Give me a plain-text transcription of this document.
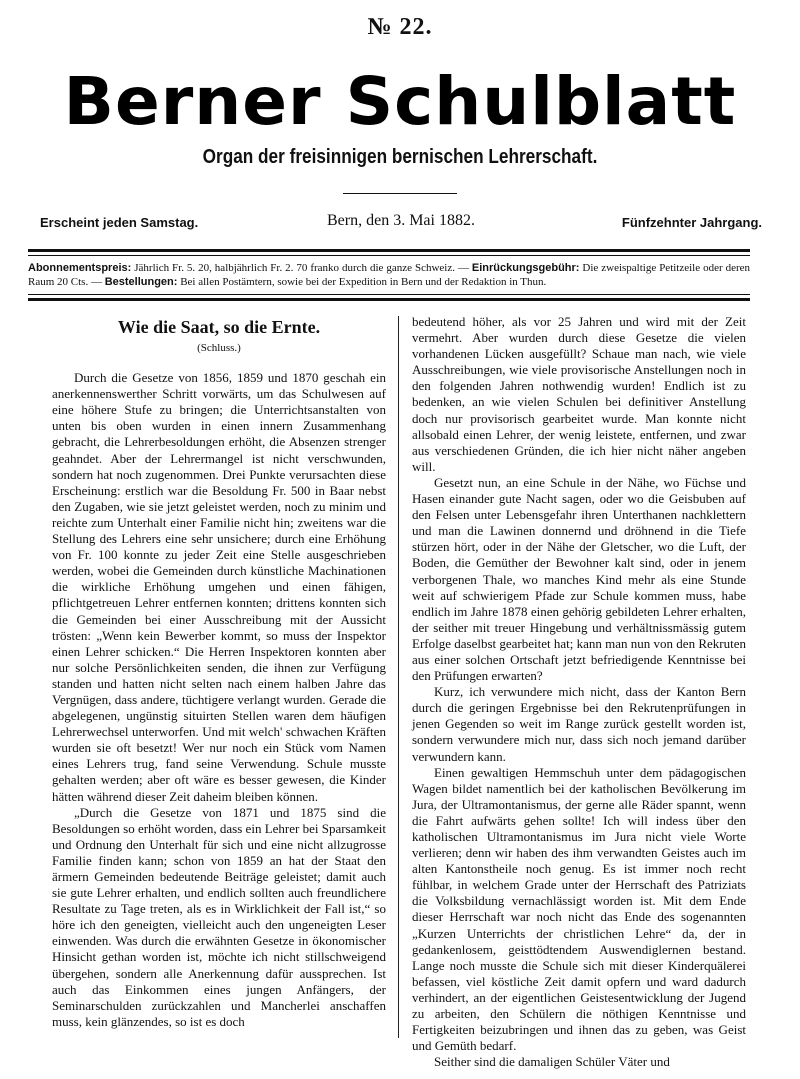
№ 22.
Berner Schulblatt
Organ der freisinnigen bernischen Lehrerschaft.
Erscheint jeden Samstag.	Bern, den 3. Mai 1882.	Fünfzehnter Jahrgang.
Abonnementspreis: Jährlich Fr. 5. 20, halbjährlich Fr. 2. 70 franko durch die ganze Schweiz. — Einrückungsgebühr: Die zweispaltige Petitzeile oder deren Raum 20 Cts. — Bestellungen: Bei allen Postämtern, sowie bei der Expedition in Bern und der Redaktion in Thun.
Wie die Saat, so die Ernte.
(Schluss.)

Durch die Gesetze von 1856, 1859 und 1870 geschah ein anerkennenswerther Schritt vorwärts, um das Schulwesen auf eine höhere Stufe zu bringen; die Unterrichtsanstalten von unten bis oben wurden in einen innern Zusammenhang gebracht, die Lehrerbesoldungen erhöht, die Absenzen strenger geahndet. Aber der Lehrermangel ist nicht verschwunden, sondern hat noch zugenommen. Drei Punkte verursachten diese Erscheinung: erstlich war die Besoldung Fr. 500 in Baar nebst den Zugaben, wie sie jetzt geleistet werden, noch zu minim und reichte zum Unterhalt einer Familie nicht hin; zweitens war die Stellung des Lehrers eine sehr unsichere; durch eine Erhöhung von Fr. 100 konnte zu jeder Zeit eine Stelle ausgeschrieben werden, wobei die Gemeinden durch künstliche Machinationen die wirkliche Erhöhung umgehen und einen fähigen, pflichtgetreuen Lehrer entfernen konnten; drittens konnten sich die Gemeinden bei einer Ausschreibung mit der Aussicht trösten: „Wenn kein Bewerber kommt, so muss der Inspektor einen Lehrer schicken.“ Die Herren Inspektoren konnten aber nur solche Persönlichkeiten senden, die ihnen zur Verfügung standen und hatten nicht selten nach einem halben Jahre das Vergnügen, dass andere, tüchtigere verlangt wurden. Gerade die abgelegenen, ungünstig situirten Stellen waren dem häufigen Lehrerwechsel unterworfen. Und mit welch' schwachen Kräften wurden sie oft besetzt! Wer nur noch ein Stück vom Namen eines Lehrers trug, fand seine Verwendung. Schule musste gehalten werden; aber oft wäre es besser gewesen, die Kinder hätten während dieser Zeit daheim bleiben können.

„Durch die Gesetze von 1871 und 1875 sind die Besoldungen so erhöht worden, dass ein Lehrer bei Sparsamkeit und Ordnung den Unterhalt für sich und eine nicht allzugrosse Familie finden kann; schon von 1859 an hat der Staat den ärmern Gemeinden bedeutende Beiträge geleistet; damit auch sie gute Lehrer erhalten, und endlich sollten auch freundlichere Resultate zu Tage treten, als es in Wirklichkeit der Fall ist,“ so höre ich den geneigten, vielleicht auch den ungeneigten Leser einwenden. Was durch die erwähnten Gesetze in ökonomischer Hinsicht gethan worden ist, möchte ich nicht stillschweigend übergehen, sondern alle Anerkennung dafür aussprechen. Ist auch das Einkommen eines jungen Anfängers, der Seminarschulden zurückzahlen und Mancherlei anschaffen muss, kein glänzendes, so ist es doch

bedeutend höher, als vor 25 Jahren und wird mit der Zeit vermehrt. Aber wurden durch diese Gesetze die vielen vorhandenen Lücken ausgefüllt? Schaue man nach, wie viele Ausschreibungen, wie viele provisorische Anstellungen noch in den folgenden Jahren nothwendig wurden! Endlich ist zu bedenken, an wie vielen Schulen bei definitiver Anstellung doch nur provisorisch gearbeitet wurde. Man konnte nicht allsobald einen Lehrer, der wenig leistete, entfernen, und zwar aus verschiedenen Gründen, die ich hier nicht näher angeben will.

Gesetzt nun, an eine Schule in der Nähe, wo Füchse und Hasen einander gute Nacht sagen, oder wo die Geisbuben auf den Felsen unter Lebensgefahr ihren Unterthanen nachklettern und man die Lawinen donnernd und dröhnend in die Tiefe stürzen hört, oder in der Nähe der Gletscher, wo die Luft, der Boden, die Gemüther der Bewohner kalt sind, oder in jenem verborgenen Thale, wo manches Kind mehr als eine Stunde weit auf schwierigem Pfade zur Schule kommen muss, habe endlich im Jahre 1878 einen gehörig gebildeten Lehrer erhalten, der seither mit treuer Hingebung und verhältnissmässig gutem Erfolge daselbst gearbeitet hat; kann man nun von den Rekruten aus einer solchen Ortschaft jetzt befriedigende Kenntnisse bei den Prüfungen erwarten?

Kurz, ich verwundere mich nicht, dass der Kanton Bern durch die geringen Ergebnisse bei den Rekrutenprüfungen in jenen Gegenden so weit im Range zurück gestellt worden ist, sondern verwundere mich nur, dass sich noch jemand darüber verwundern kann.

Einen gewaltigen Hemmschuh unter dem pädagogischen Wagen bildet namentlich bei der katholischen Bevölkerung im Jura, der Ultramontanismus, der gerne alle Räder spannt, wenn die Fahrt aufwärts gehen sollte! Ich will indess über den katholischen Ultramontanismus im Jura nicht viele Worte verlieren; denn wir haben des ihm verwandten Geistes auch im alten Kantonstheile noch genug. Es ist immer noch recht fühlbar, in welchem Grade unter der Herrschaft des Patriziats die Volksbildung vernachlässigt worden ist. Mit dem Ende dieser Herrschaft war noch nicht das Ende des sogenannten „Kurzen Unterrichts der christlichen Lehre“ da, der in gedankenlosem, geisttödtendem Auswendiglernen bestand. Lange noch musste die Schule sich mit dieser Kinderquälerei befassen, viel köstliche Zeit damit opfern und ward dadurch verhindert, an der eigentlichen Geistesentwicklung der Jugend zu arbeiten, den Schülern die nöthigen Kenntnisse und Fertigkeiten beizubringen und ihnen das zu geben, was Geist und Gemüth bedarf.

Seither sind die damaligen Schüler Väter und
